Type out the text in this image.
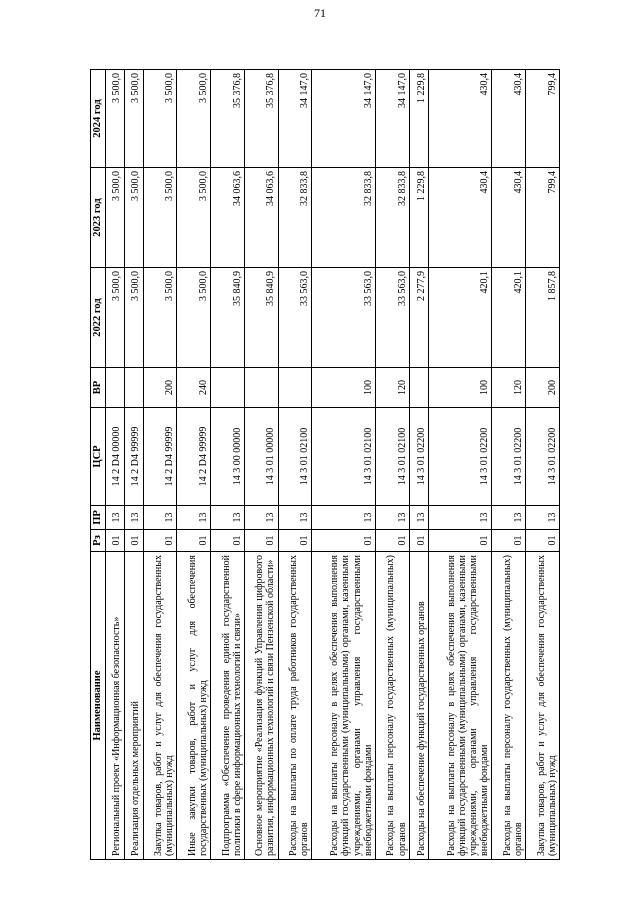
71
Наименование	Рз	ПР	ЦСР	ВР	2022 год	2023 год	2024 год
Региональный проект «Информационная безопасность»	01	13	14 2 D4 00000		3 500,0	3 500,0	3 500,0
Реализация отдельных мероприятий	01	13	14 2 D4 99999		3 500,0	3 500,0	3 500,0
Закупка товаров, работ и услуг для обеспечения государственных (муниципальных) нужд	01	13	14 2 D4 99999	200	3 500,0	3 500,0	3 500,0
Иные закупки товаров, работ и услуг для обеспечения государственных (муниципальных) нужд	01	13	14 2 D4 99999	240	3 500,0	3 500,0	3 500,0
Подпрограмма «Обеспечение проведения единой государственной политики в сфере информационных технологий и связи»	01	13	14 3 00 00000		35 840,9	34 063,6	35 376,8
Основное мероприятие «Реализация функций Управления цифрового развития, информационных технологий и связи Пензенской области»	01	13	14 3 01 00000		35 840,9	34 063,6	35 376,8
Расходы на выплаты по оплате труда работников государственных органов	01	13	14 3 01 02100		33 563,0	32 833,8	34 147,0
Расходы на выплаты персоналу в целях обеспечения выполнения функций государственными (муниципальными) органами, казенными учреждениями, органами управления государственными внебюджетными фондами	01	13	14 3 01 02100	100	33 563,0	32 833,8	34 147,0
Расходы на выплаты персоналу государственных (муниципальных) органов	01	13	14 3 01 02100	120	33 563,0	32 833,8	34 147,0
Расходы на обеспечение функций государственных органов	01	13	14 3 01 02200		2 277,9	1 229,8	1 229,8
Расходы на выплаты персоналу в целях обеспечения выполнения функций государственными (муниципальными) органами, казенными учреждениями, органами управления государственными внебюджетными фондами	01	13	14 3 01 02200	100	420,1	430,4	430,4
Расходы на выплаты персоналу государственных (муниципальных) органов	01	13	14 3 01 02200	120	420,1	430,4	430,4
Закупка товаров, работ и услуг для обеспечения государственных (муниципальных) нужд	01	13	14 3 01 02200	200	1 857,8	799,4	799,4
